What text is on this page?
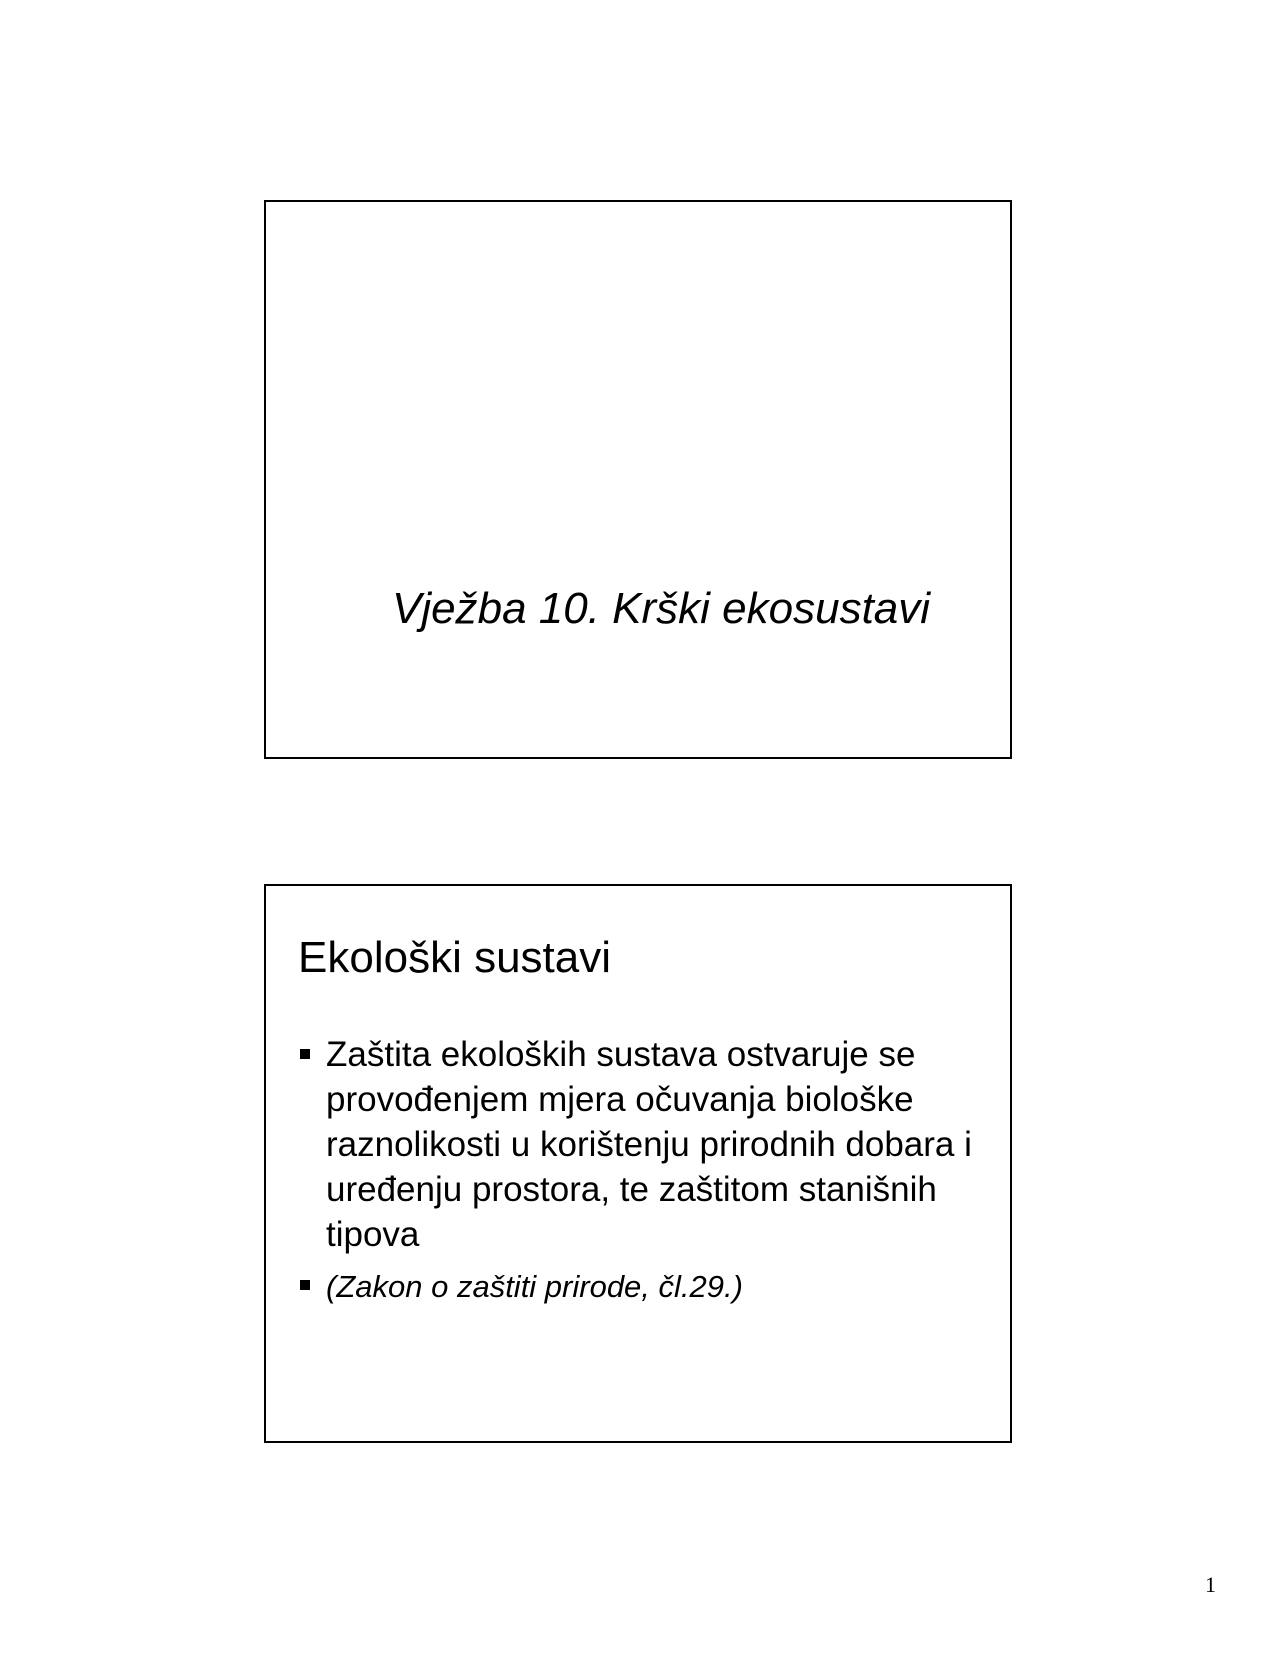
Vježba 10. Krški ekosustavi
Ekološki sustavi
Zaštita ekoloških sustava ostvaruje se provođenjem mjera očuvanja biološke raznolikosti u korištenju prirodnih dobara i uređenju prostora, te zaštitom stanišnih tipova
(Zakon o zaštiti prirode, čl.29.)
1
